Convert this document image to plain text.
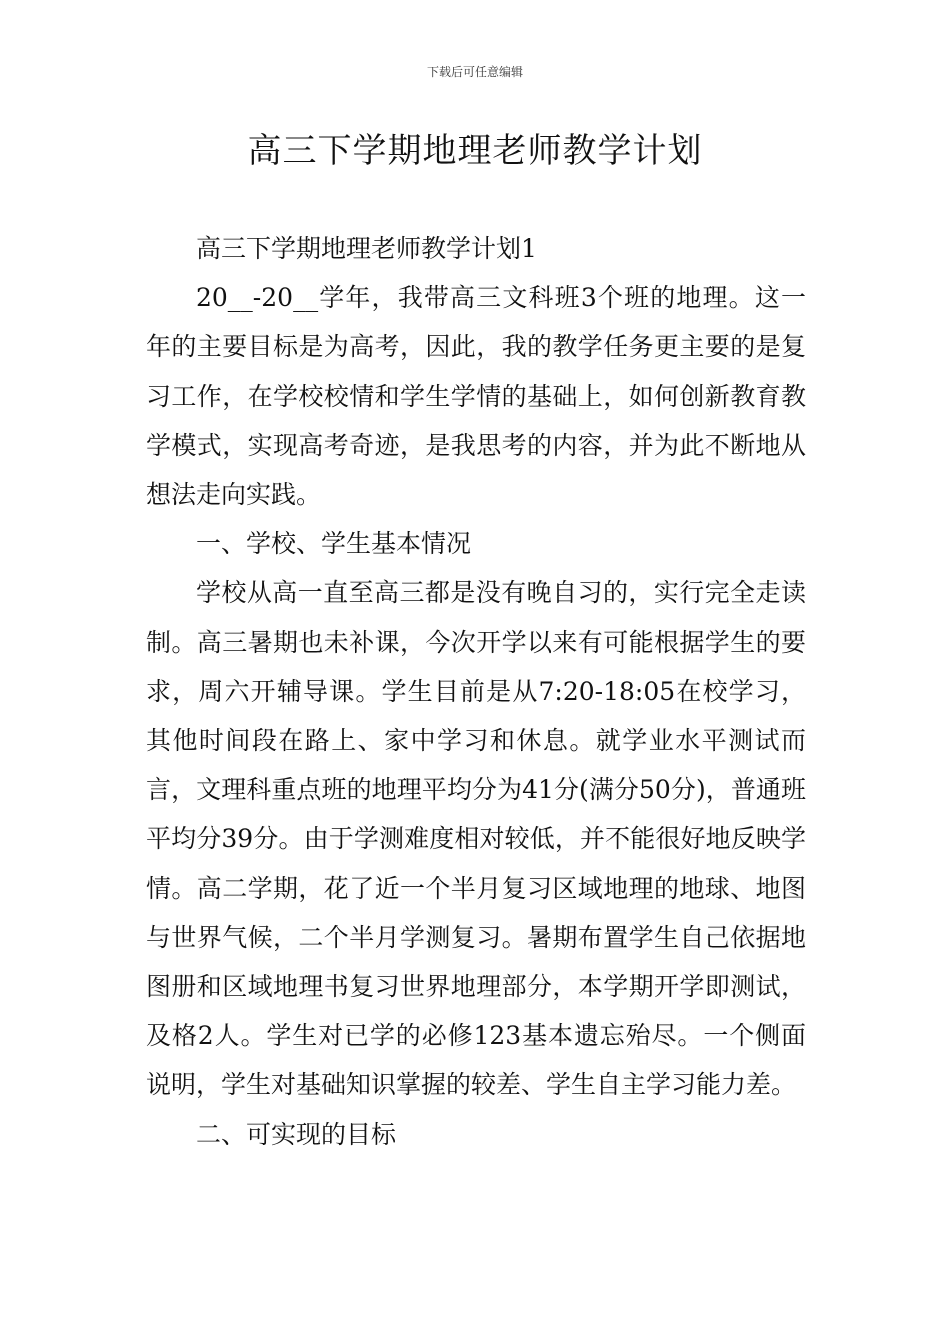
下载后可任意编辑
高三下学期地理老师教学计划

高三下学期地理老师教学计划1

20__-20__学年，我带高三文科班3个班的地理。这一年的主要目标是为高考，因此，我的教学任务更主要的是复习工作，在学校校情和学生学情的基础上，如何创新教育教学模式，实现高考奇迹，是我思考的内容，并为此不断地从想法走向实践。

一、学校、学生基本情况

学校从高一直至高三都是没有晚自习的，实行完全走读制。高三暑期也未补课，今次开学以来有可能根据学生的要求，周六开辅导课。学生目前是从7:20-18:05在校学习，其他时间段在路上、家中学习和休息。就学业水平测试而言，文理科重点班的地理平均分为41分(满分50分)，普通班平均分39分。由于学测难度相对较低，并不能很好地反映学情。高二学期，花了近一个半月复习区域地理的地球、地图与世界气候，二个半月学测复习。暑期布置学生自己依据地图册和区域地理书复习世界地理部分，本学期开学即测试，及格2人。学生对已学的必修123基本遗忘殆尽。一个侧面说明，学生对基础知识掌握的较差、学生自主学习能力差。

二、可实现的目标
